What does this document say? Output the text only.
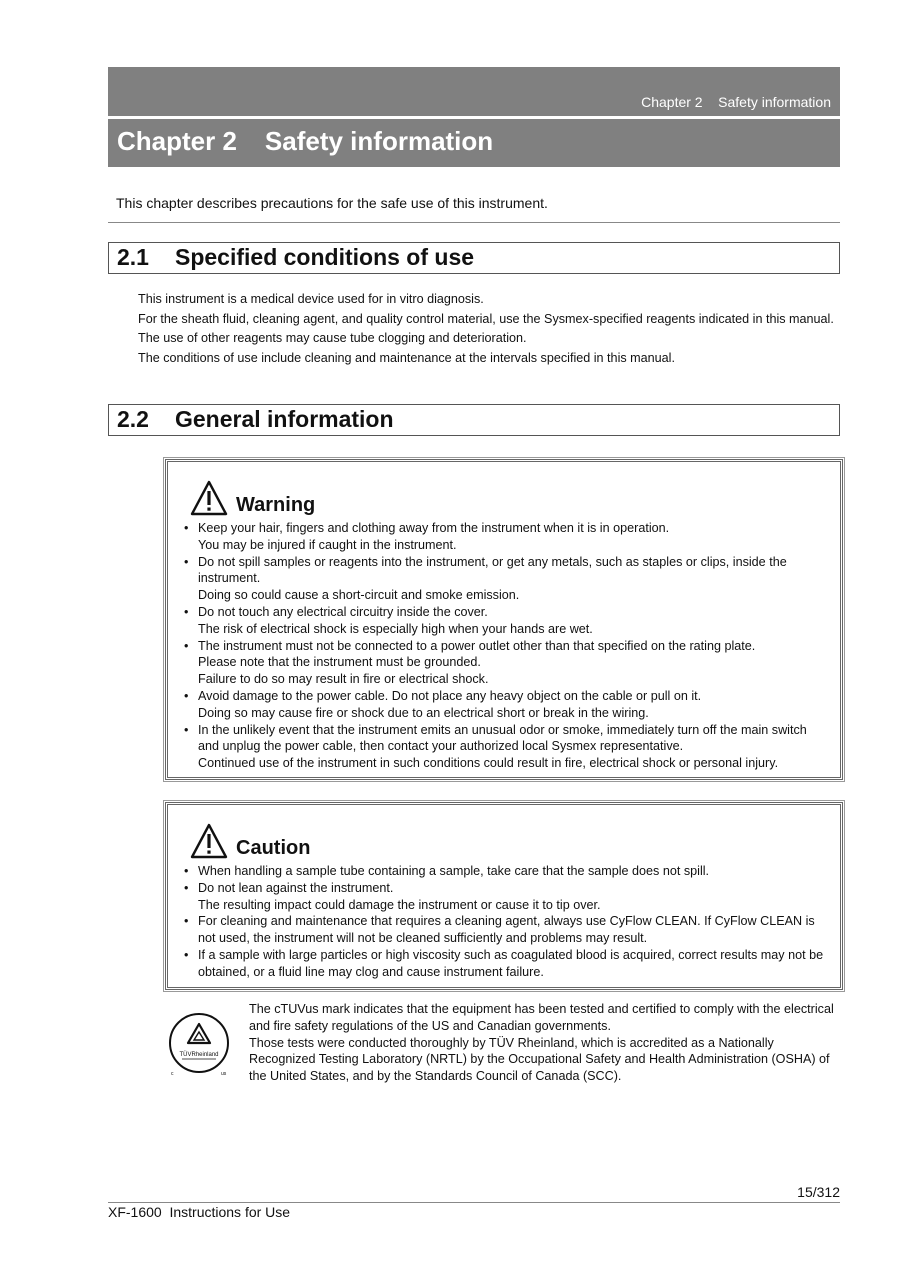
Chapter 2 Safety information
Chapter 2 Safety information
This chapter describes precautions for the safe use of this instrument.
2.1 Specified conditions of use

This instrument is a medical device used for in vitro diagnosis.

For the sheath fluid, cleaning agent, and quality control material, use the Sysmex-specified reagents indicated in this manual. The use of other reagents may cause tube clogging and deterioration.

The conditions of use include cleaning and maintenance at the intervals specified in this manual.

2.2 General information
Warning
• Keep your hair, fingers and clothing away from the instrument when it is in operation.
You may be injured if caught in the instrument.
• Do not spill samples or reagents into the instrument, or get any metals, such as staples or clips, inside the instrument.
Doing so could cause a short-circuit and smoke emission.
• Do not touch any electrical circuitry inside the cover.
The risk of electrical shock is especially high when your hands are wet.
• The instrument must not be connected to a power outlet other than that specified on the rating plate.
Please note that the instrument must be grounded.
Failure to do so may result in fire or electrical shock.
• Avoid damage to the power cable. Do not place any heavy object on the cable or pull on it.
Doing so may cause fire or shock due to an electrical short or break in the wiring.
• In the unlikely event that the instrument emits an unusual odor or smoke, immediately turn off the main switch and unplug the power cable, then contact your authorized local Sysmex representative.
Continued use of the instrument in such conditions could result in fire, electrical shock or personal injury.
Caution
• When handling a sample tube containing a sample, take care that the sample does not spill.
• Do not lean against the instrument.
The resulting impact could damage the instrument or cause it to tip over.
• For cleaning and maintenance that requires a cleaning agent, always use CyFlow CLEAN. If CyFlow CLEAN is not used, the instrument will not be cleaned sufficiently and problems may result.
• If a sample with large particles or high viscosity such as coagulated blood is acquired, correct results may not be obtained, or a fluid line may clog and cause instrument failure.
TÜVRheinland
c	us

The cTUVus mark indicates that the equipment has been tested and certified to comply with the electrical and fire safety regulations of the US and Canadian governments.

Those tests were conducted thoroughly by TÜV Rheinland, which is accredited as a Nationally Recognized Testing Laboratory (NRTL) by the Occupational Safety and Health Administration (OSHA) of the United States, and by the Standards Council of Canada (SCC).

15/312
XF-1600  Instructions for Use
